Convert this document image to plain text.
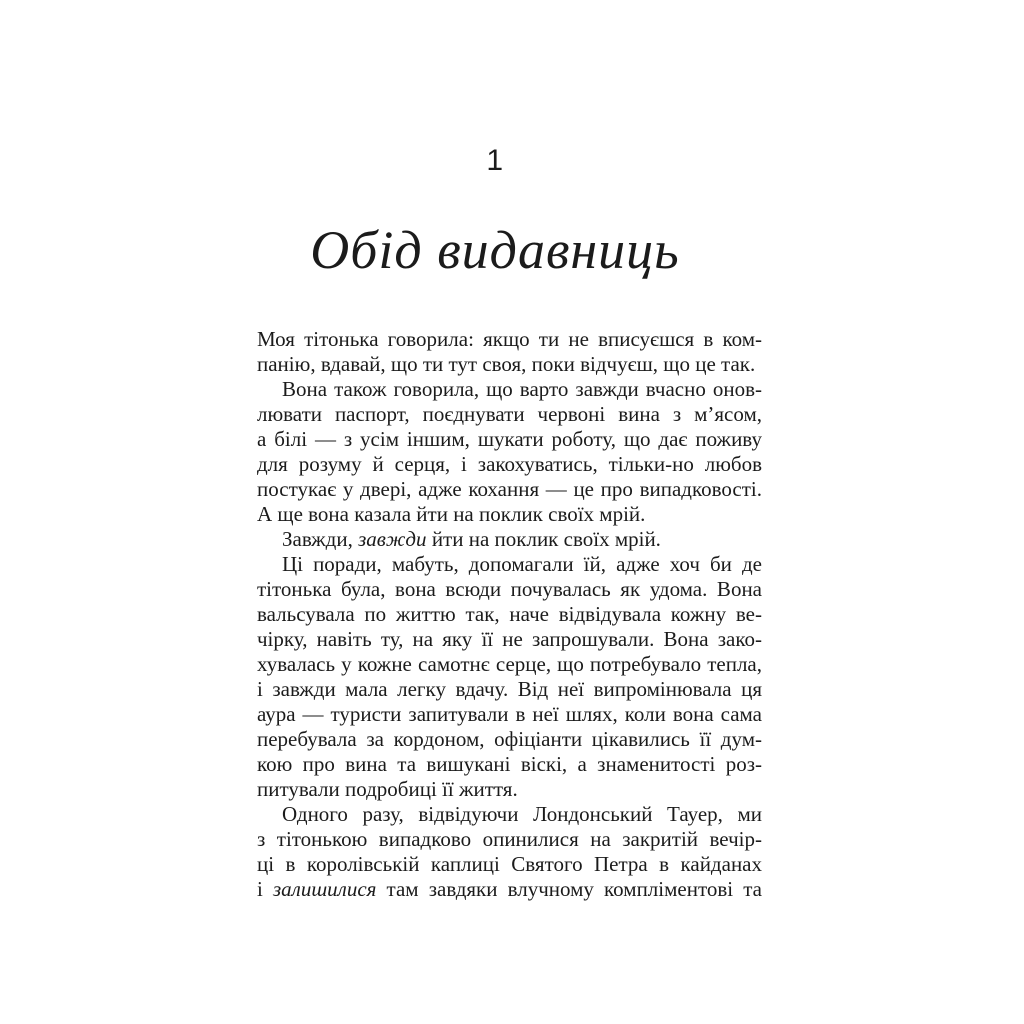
1
Обід видавниць
Моя тітонька говорила: якщо ти не вписуєшся в ком-
панію, вдавай, що ти тут своя, поки відчуєш, що це так.
Вона також говорила, що варто завжди вчасно онов-
лювати паспорт, поєднувати червоні вина з м’ясом,
а білі — з усім іншим, шукати роботу, що дає поживу
для розуму й серця, і закохуватись, тільки-но любов
постукає у двері, адже кохання — це про випадковості.
А ще вона казала йти на поклик своїх мрій.
Завжди, завжди йти на поклик своїх мрій.
Ці поради, мабуть, допомагали їй, адже хоч би де
тітонька була, вона всюди почувалась як удома. Вона
вальсувала по життю так, наче відвідувала кожну ве-
чірку, навіть ту, на яку її не запрошували. Вона зако-
хувалась у кожне самотнє серце, що потребувало тепла,
і завжди мала легку вдачу. Від неї випромінювала ця
аура — туристи запитували в неї шлях, коли вона сама
перебувала за кордоном, офіціанти цікавились її дум-
кою про вина та вишукані віскі, а знаменитості роз-
питували подробиці її життя.
Одного разу, відвідуючи Лондонський Тауер, ми
з тітонькою випадково опинилися на закритій вечір-
ці в королівській каплиці Святого Петра в кайданах
і залишилися там завдяки влучному компліментові та
